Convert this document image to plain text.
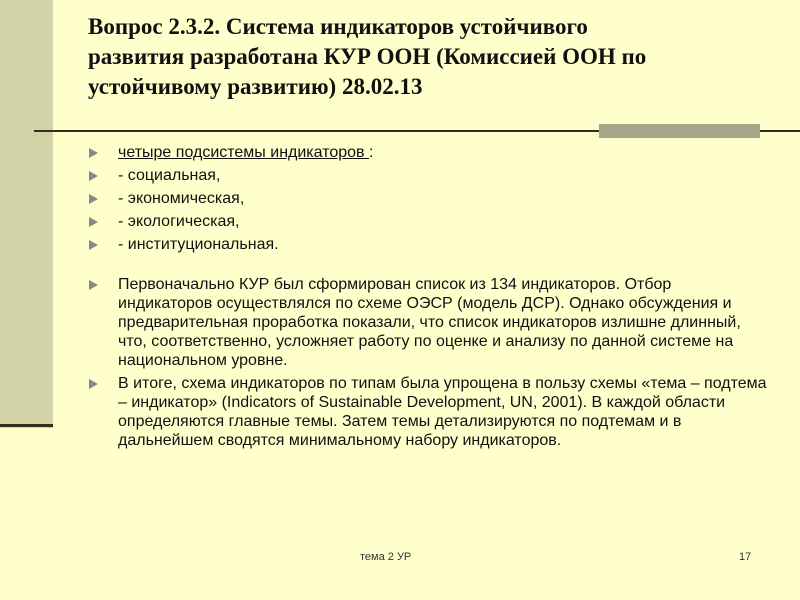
Вопрос 2.3.2. Система индикаторов устойчивого
развития разработана КУР ООН (Комиссией ООН по
устойчивому развитию) 28.02.13
четыре подсистемы индикаторов :
- социальная,
- экономическая,
- экологическая,
- институциональная.
Первоначально КУР был сформирован список из 134 индикаторов. Отбор индикаторов осуществлялся по схеме ОЭСР (модель ДСР). Однако обсуждения и предварительная проработка показали, что список индикаторов излишне длинный, что, соответственно, усложняет работу по оценке и анализу по данной системе на национальном уровне.
В итоге, схема индикаторов по типам была упрощена в пользу схемы «тема – подтема – индикатор» (Indicators of Sustainable Development, UN, 2001). В каждой области определяются главные темы. Затем темы детализируются по подтемам и в дальнейшем сводятся минимальному набору индикаторов.
тема 2 УР	17
